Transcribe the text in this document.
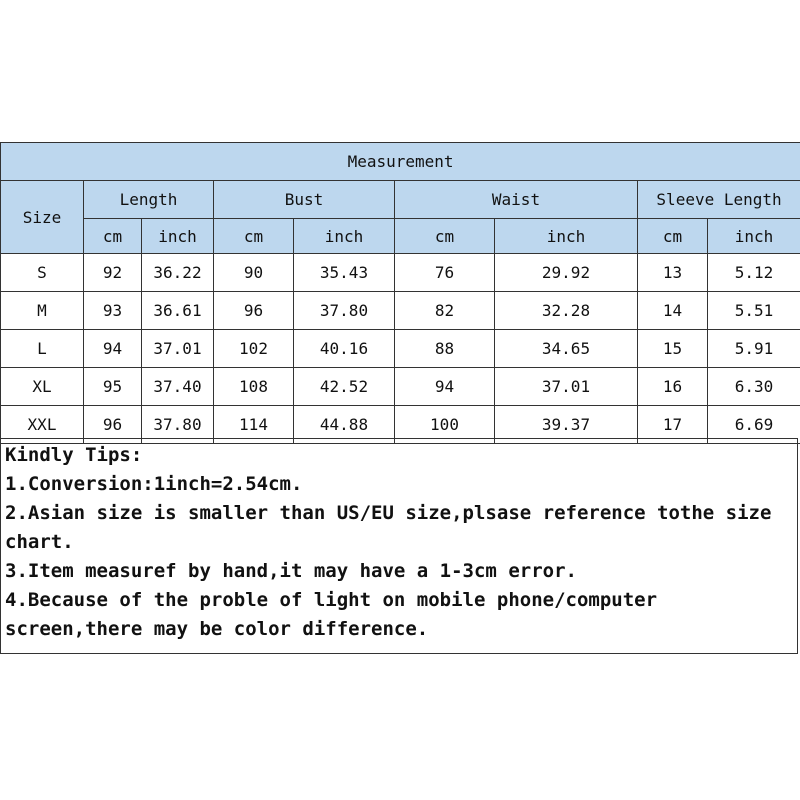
Measurement								
Size	Length		Bust		Waist		Sleeve Length	
	cm	inch	cm	inch	cm	inch	cm	inch
S	92	36.22	90	35.43	76	29.92	13	5.12
M	93	36.61	96	37.80	82	32.28	14	5.51
L	94	37.01	102	40.16	88	34.65	15	5.91
XL	95	37.40	108	42.52	94	37.01	16	6.30
XXL	96	37.80	114	44.88	100	39.37	17	6.69
Kindly Tips:
1.Conversion:1inch=2.54cm.
2.Asian size is smaller than US/EU size,plsase reference tothe size chart.
3.Item measuref by hand,it may have a 1-3cm error.
4.Because of the proble of light on mobile phone/computer screen,there may be color difference.
